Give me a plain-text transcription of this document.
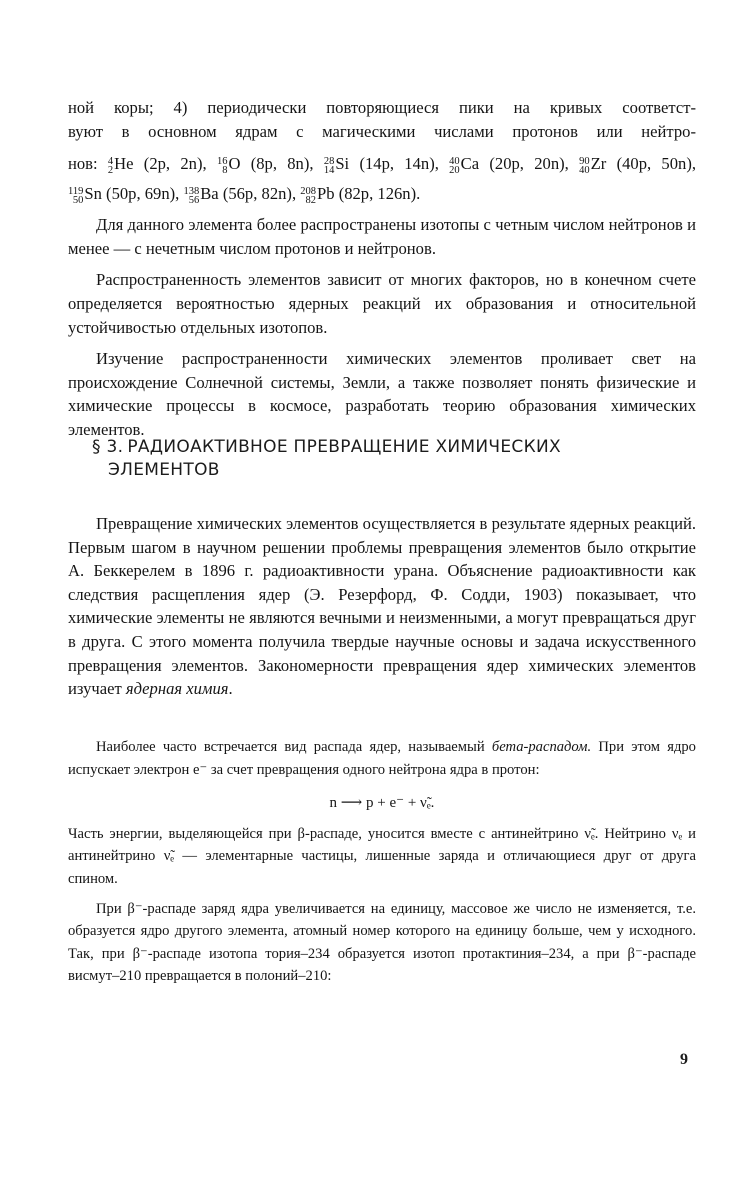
ной коры; 4) периодически повторяющиеся пики на кривых соответст-

вуют в основном ядрам с магическими числами протонов или нейтро-

нов: 4
2 He (2p, 2n), 16
8 O (8p, 8n), 28
14 Si (14p, 14n), 40
20 Ca (20p, 20n), 90
40 Zr (40p, 50n),
119
50 Sn (50p, 69n), 138
56 Ba (56p, 82n), 208
82 Pb (82p, 126n).

Для данного элемента более распространены изотопы с четным числом нейтронов и менее — с нечетным числом протонов и нейтронов.

Распространенность элементов зависит от многих факторов, но в конечном счете определяется вероятностью ядерных реакций их образования и относительной устойчивостью отдельных изотопов.

Изучение распространенности химических элементов проливает свет на происхождение Солнечной системы, Земли, а также позволяет понять физические и химические процессы в космосе, разработать теорию образования химических элементов.

§ 3. РАДИОАКТИВНОЕ ПРЕВРАЩЕНИЕ ХИМИЧЕСКИХ
ЭЛЕМЕНТОВ

Превращение химических элементов осуществляется в результате ядерных реакций. Первым шагом в научном решении проблемы превращения элементов было открытие А. Беккерелем в 1896 г. радиоактивности урана. Объяснение радиоактивности как следствия расщепления ядер (Э. Резерфорд, Ф. Содди, 1903) показывает, что химические элементы не являются вечными и неизменными, а могут превращаться друг в друга. С этого момента получила твердые научные основы и задача искусственного превращения элементов. Закономерности превращения ядер химических элементов изучает ядерная химия.

Наиболее часто встречается вид распада ядер, называемый бета-распадом. При этом ядро испускает электрон e⁻ за счет превращения одного нейтрона ядра в протон:

n ⟶ p + e⁻ + ν̃ₑ.

Часть энергии, выделяющейся при β-распаде, уносится вместе с антинейтрино ν̃ₑ. Нейтрино νₑ и антинейтрино ν̃ₑ — элементарные частицы, лишенные заряда и отличающиеся друг от друга спином.

При β⁻-распаде заряд ядра увеличивается на единицу, массовое же число не изменяется, т.е. образуется ядро другого элемента, атомный номер которого на единицу больше, чем у исходного. Так, при β⁻-распаде изотопа тория–234 образуется изотоп протактиния–234, а при β⁻-распаде висмут–210 превращается в полоний–210:

9
